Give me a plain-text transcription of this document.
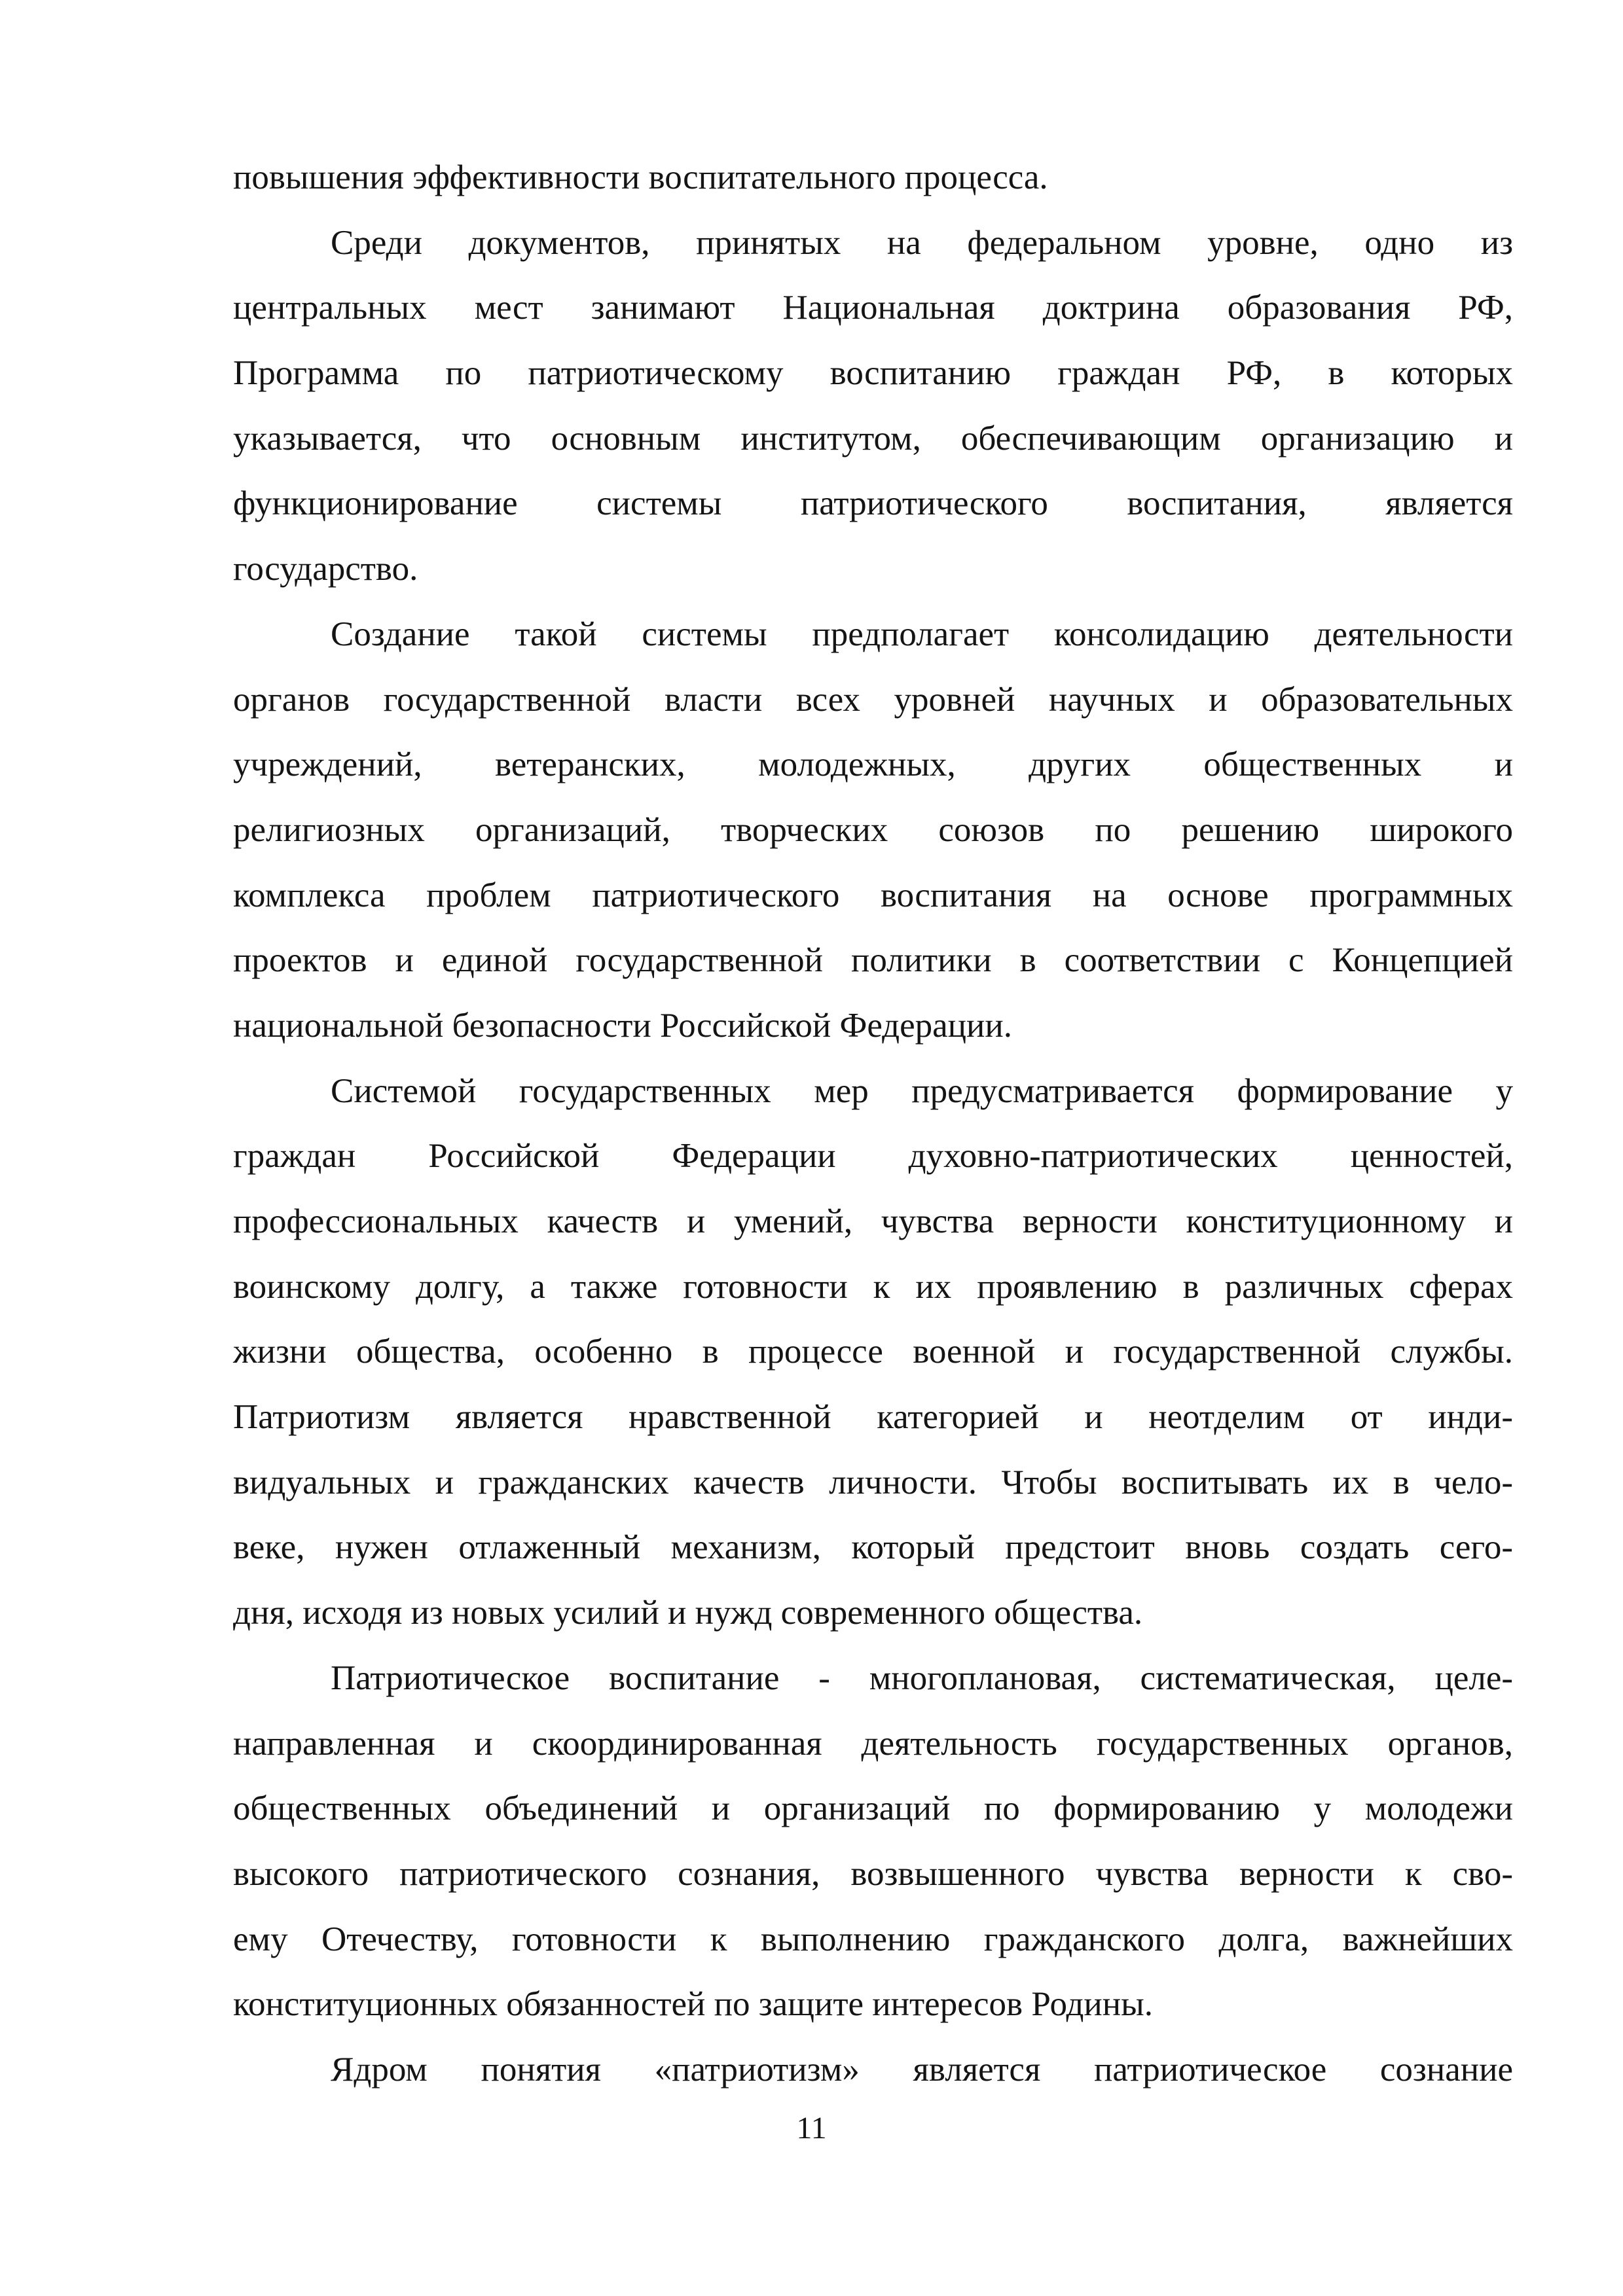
повышения эффективности воспитательного процесса.
Среди документов, принятых на федеральном уровне, одно из
центральных мест занимают Национальная доктрина образования РФ,
Программа по патриотическому воспитанию граждан РФ, в которых
указывается, что основным институтом, обеспечивающим организацию и
функционирование системы патриотического воспитания, является
государство.
Создание такой системы предполагает консолидацию деятельности
органов государственной власти всех уровней научных и образовательных
учреждений, ветеранских, молодежных, других общественных и
религиозных организаций, творческих союзов по решению широкого
комплекса проблем патриотического воспитания на основе программных
проектов и единой государственной политики в соответствии с Концепцией
национальной безопасности Российской Федерации.
Системой государственных мер предусматривается формирование у
граждан Российской Федерации духовно-патриотических ценностей,
профессиональных качеств и умений, чувства верности конституционному и
воинскому долгу, а также готовности к их проявлению в различных сферах
жизни общества, особенно в процессе военной и государственной службы.
Патриотизм является нравственной категорией и неотделим от инди-
видуальных и гражданских качеств личности. Чтобы воспитывать их в чело-
веке, нужен отлаженный механизм, который предстоит вновь создать сего-
дня, исходя из новых усилий и нужд современного общества.
Патриотическое воспитание - многоплановая, систематическая, целе-
направленная и скоординированная деятельность государственных органов,
общественных объединений и организаций по формированию у молодежи
высокого патриотического сознания, возвышенного чувства верности к сво-
ему Отечеству, готовности к выполнению гражданского долга, важнейших
конституционных обязанностей по защите интересов Родины.
Ядром понятия «патриотизм» является патриотическое сознание
11
